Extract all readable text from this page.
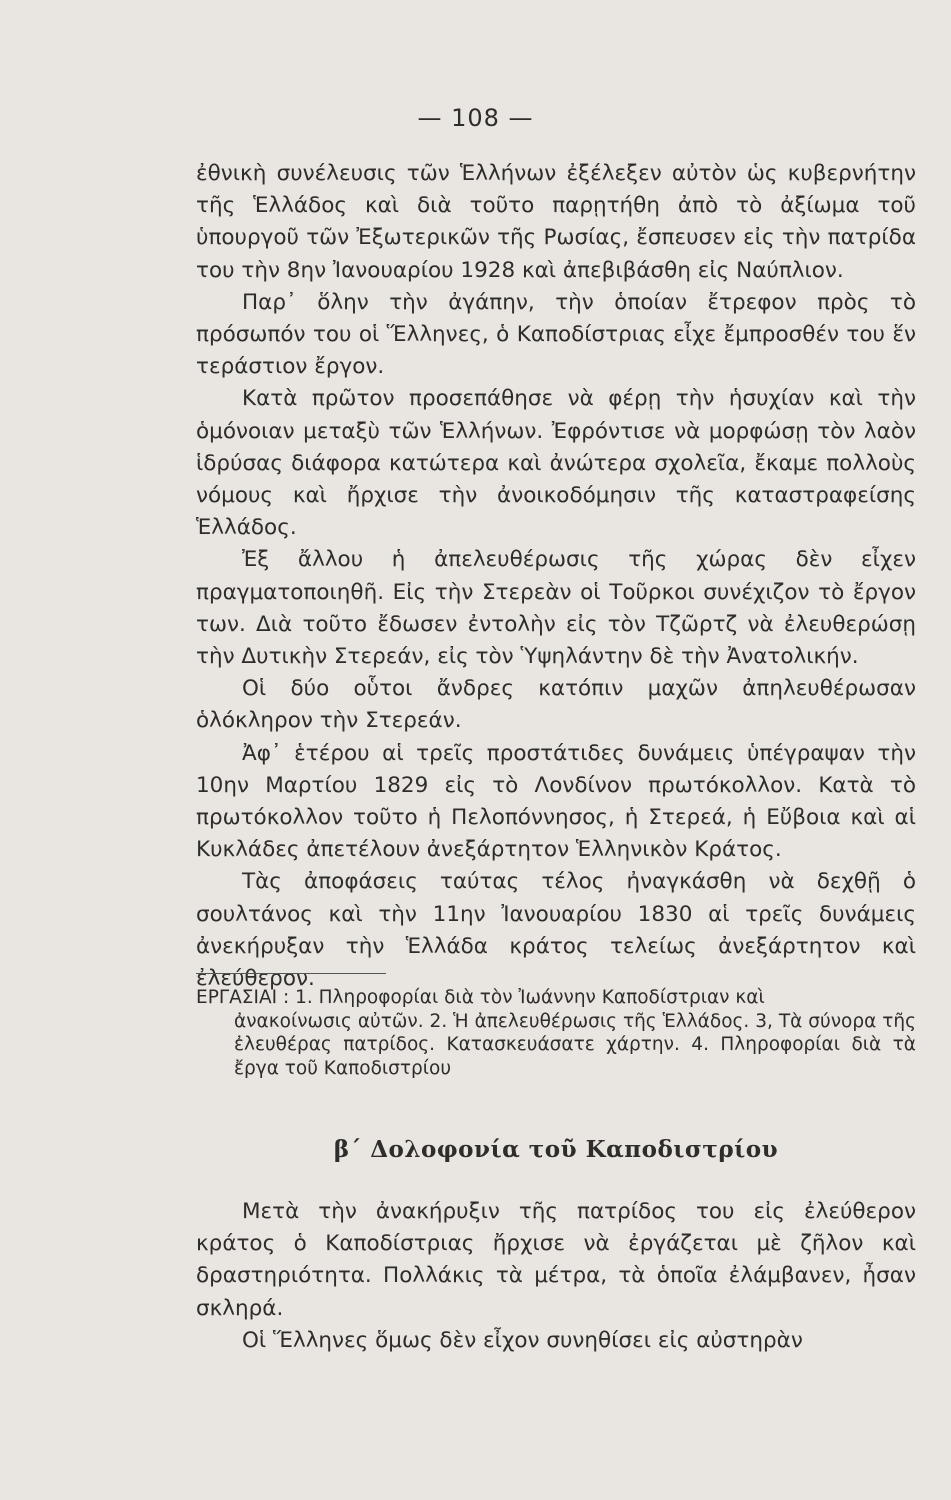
— 108 —

ἐθνικὴ συνέλευσις τῶν Ἑλλήνων ἐξέλεξεν αὐτὸν ὡς κυβερνήτην τῆς Ἑλλάδος καὶ διὰ τοῦτο παρῃτήθη ἀπὸ τὸ ἀξίωμα τοῦ ὑπουργοῦ τῶν Ἐξωτερικῶν τῆς Ρωσίας, ἔσπευσεν εἰς τὴν πατρίδα του τὴν 8ην Ἰανουαρίου 1928 καὶ ἀπεβιβάσθη εἰς Ναύπλιον.

Παρ᾽ ὅλην τὴν ἀγάπην, τὴν ὁποίαν ἔτρεφον πρὸς τὸ πρόσωπόν του οἱ Ἕλληνες, ὁ Καποδίστριας εἶχε ἔμπροσθέν του ἕν τεράστιον ἔργον.

Κατὰ πρῶτον προσεπάθησε νὰ φέρῃ τὴν ἡσυχίαν καὶ τὴν ὁμόνοιαν μεταξὺ τῶν Ἑλλήνων. Ἐφρόντισε νὰ μορφώσῃ τὸν λαὸν ἱδρύσας διάφορα κατώτερα καὶ ἀνώτερα σχολεῖα, ἔκαμε πολλοὺς νόμους καὶ ἤρχισε τὴν ἀνοικοδόμησιν τῆς καταστραφείσης Ἑλλάδος.

Ἐξ ἄλλου ἡ ἀπελευθέρωσις τῆς χώρας δὲν εἶχεν πραγματοποιηθῆ. Εἰς τὴν Στερεὰν οἱ Τοῦρκοι συνέχιζον τὸ ἔργον των. Διὰ τοῦτο ἔδωσεν ἐντολὴν εἰς τὸν Τζῶρτζ νὰ ἐλευθερώσῃ τὴν Δυτικὴν Στερεάν, εἰς τὸν Ὑψηλάντην δὲ τὴν Ἀνατολικήν.

Οἱ δύο οὗτοι ἄνδρες κατόπιν μαχῶν ἀπηλευθέρωσαν ὁλόκληρον τὴν Στερεάν.

Ἀφ᾽ ἑτέρου αἱ τρεῖς προστάτιδες δυνάμεις ὑπέγραψαν τὴν 10ην Μαρτίου 1829 εἰς τὸ Λονδίνον πρωτόκολλον. Κατὰ τὸ πρωτόκολλον τοῦτο ἡ Πελοπόννησος, ἡ Στερεά, ἡ Εὔβοια καὶ αἱ Κυκλάδες ἀπετέλουν ἀνεξάρτητον Ἑλληνικὸν Κράτος.

Τὰς ἀποφάσεις ταύτας τέλος ἠναγκάσθη νὰ δεχθῇ ὁ σουλτάνος καὶ τὴν 11ην Ἰανουαρίου 1830 αἱ τρεῖς δυνάμεις ἀνεκήρυξαν τὴν Ἑλλάδα κράτος τελείως ἀνεξάρτητον καὶ ἐλεύθερον.

ΕΡΓΑΣΙΑΙ : 1. Πληροφορίαι διὰ τὸν Ἰωάννην Καποδίστριαν καὶ
ἀνακοίνωσις αὐτῶν. 2. Ἡ ἀπελευθέρωσις τῆς Ἑλλάδος. 3, Τὰ σύνορα τῆς ἐλευθέρας πατρίδος. Κατασκευάσατε χάρτην. 4. Πληροφορίαι διὰ τὰ ἔργα τοῦ Καποδιστρίου
β΄ Δολοφονία τοῦ Καποδιστρίου

Μετὰ τὴν ἀνακήρυξιν τῆς πατρίδος του εἰς ἐλεύθερον κράτος ὁ Καποδίστριας ἤρχισε νὰ ἐργάζεται μὲ ζῆλον καὶ δραστηριότητα. Πολλάκις τὰ μέτρα, τὰ ὁποῖα ἐλάμβανεν, ἦσαν σκληρά.

Οἱ Ἕλληνες ὅμως δὲν εἶχον συνηθίσει εἰς αὐστηρὰν
